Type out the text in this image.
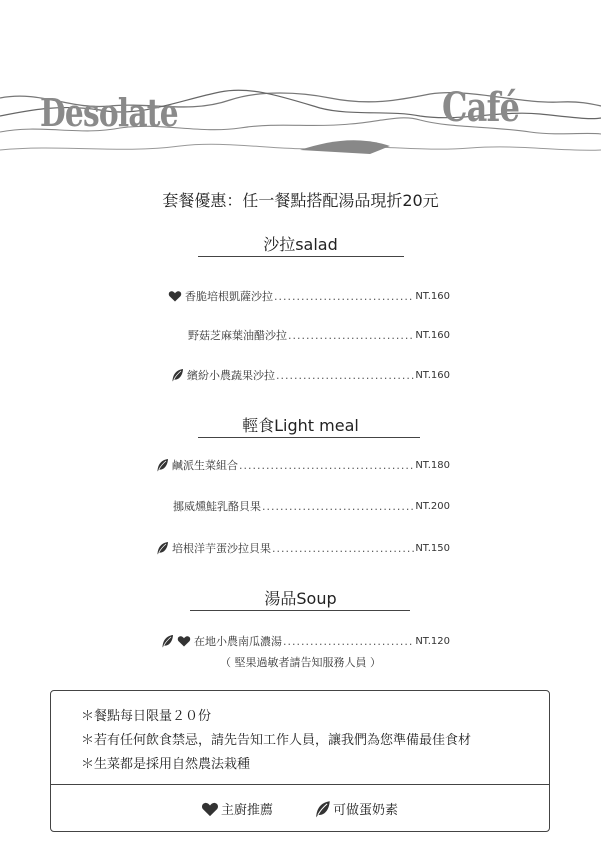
Desolate	Café
套餐優惠：任一餐點搭配湯品現折20元
沙拉salad
香脆培根凱薩沙拉 .....	NT.160
野菇芝麻葉油醋沙拉 .....	NT.160
繽紛小農蔬果沙拉 .....	NT.160
輕食Light meal
鹹派生菜組合 .....	NT.180
挪威燻鮭乳酪貝果 .....	NT.200
培根洋芋蛋沙拉貝果 .....	NT.150
湯品Soup
在地小農南瓜濃湯 .....	NT.120
（ 堅果過敏者請告知服務人員 ）
＊餐點每日限量２０份
＊若有任何飲食禁忌，請先告知工作人員，讓我們為您準備最佳食材
＊生菜都是採用自然農法栽種
主廚推薦	可做蛋奶素
